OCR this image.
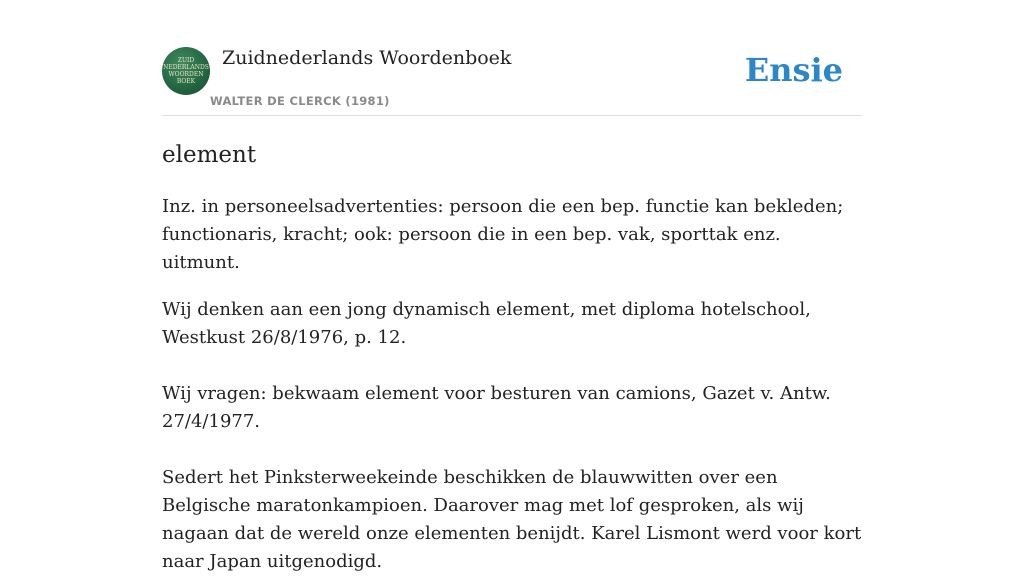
ZUID
NEDERLANDS
WOORDEN
BOEK
Zuidnederlands Woordenboek
WALTER DE CLERCK (1981)
Ensie
element

Inz. in personeelsadvertenties: persoon die een bep. functie kan bekleden; functionaris, kracht; ook: persoon die in een bep. vak, sporttak enz. uitmunt.

Wij denken aan een jong dynamisch element, met diploma hotelschool, Westkust 26/8/1976, p. 12.

Wij vragen: bekwaam element voor besturen van camions, Gazet v. Antw. 27/4/1977.

Sedert het Pinksterweekeinde beschikken de blauwwitten over een Belgische maratonkampioen. Daarover mag met lof gesproken, als wij nagaan dat de wereld onze elementen benijdt. Karel Lismont werd voor kort naar Japan uitgenodigd.
